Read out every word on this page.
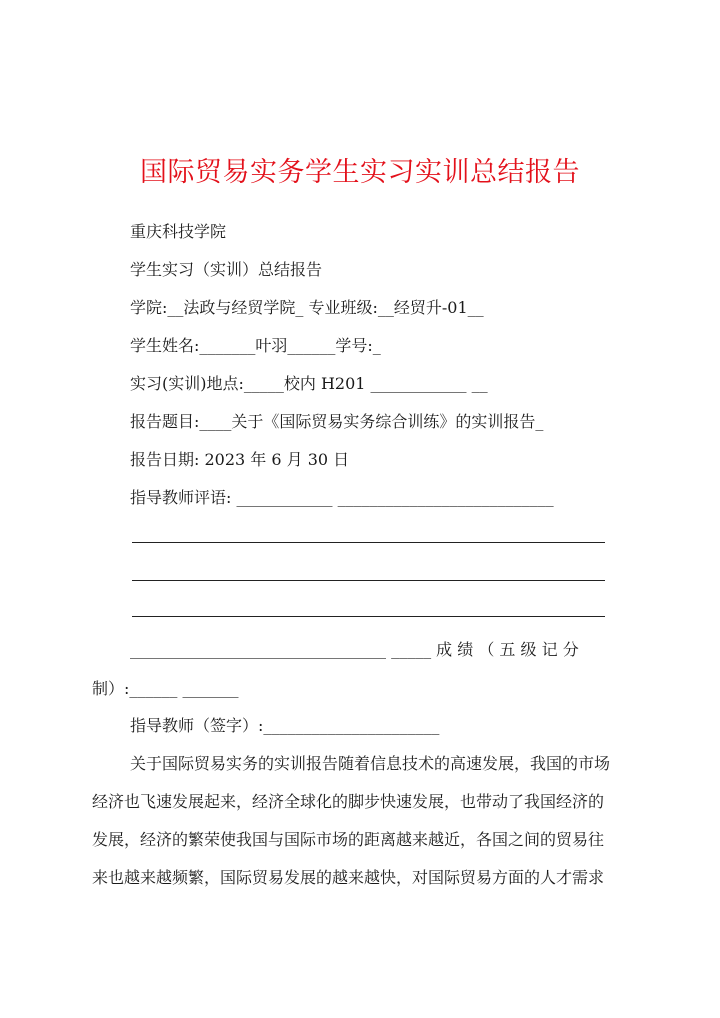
国际贸易实务学生实习实训总结报告
重庆科技学院
学生实习（实训）总结报告
学院:__法政与经贸学院_ 专业班级:__经贸升-01__
学生姓名:_______叶羽______学号:_
实习(实训)地点:_____校内 H201 ____________ __
报告题目:____关于《国际贸易实务综合训练》的实训报告_
报告日期: 2023 年 6 月 30 日
指导教师评语: ____________ ___________________________
________________________________ _____ 成 绩 （ 五 级 记 分
制）:______ _______
指导教师（签字）:______________________
关于国际贸易实务的实训报告随着信息技术的高速发展，我国的市场
经济也飞速发展起来，经济全球化的脚步快速发展，也带动了我国经济的
发展，经济的繁荣使我国与国际市场的距离越来越近，各国之间的贸易往
来也越来越频繁，国际贸易发展的越来越快，对国际贸易方面的人才需求
